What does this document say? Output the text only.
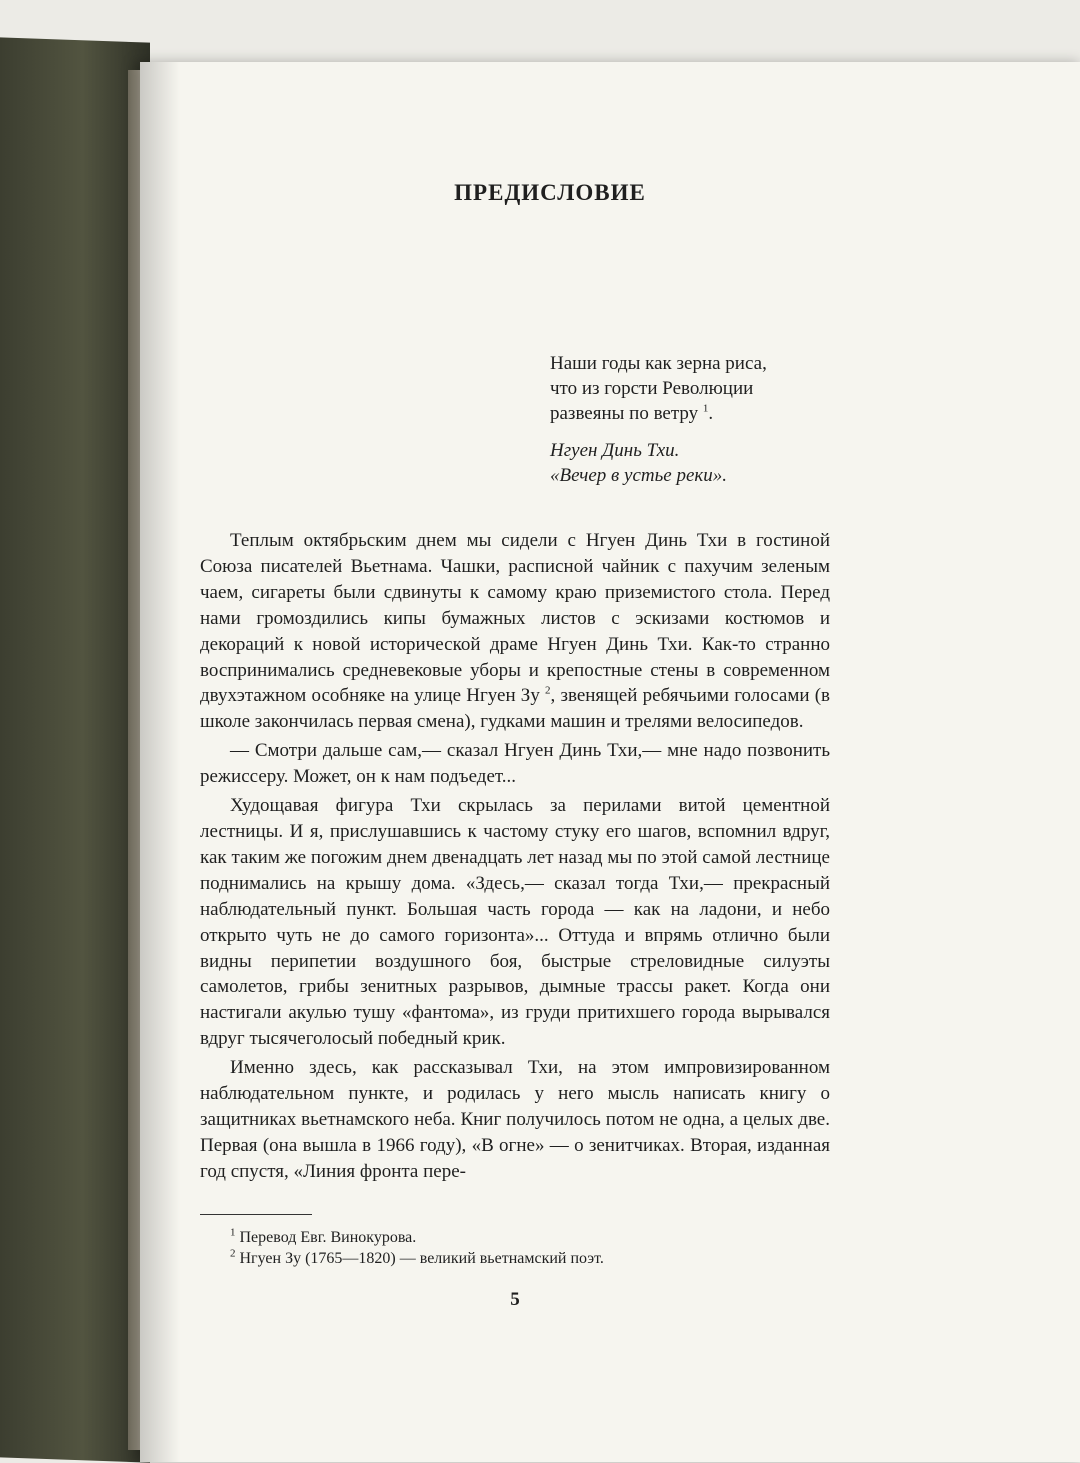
ПРЕДИСЛОВИЕ
Наши годы как зерна риса,
что из горсти Революции
развеяны по ветру $^1$.
Нгуен Динь Тхи.
«Вечер в устье реки».

Теплым октябрьским днем мы сидели с Нгуен Динь Тхи в гостиной Союза писателей Вьетнама. Чашки, расписной чайник с пахучим зеленым чаем, сигареты были сдвинуты к самому краю приземистого стола. Перед нами громоздились кипы бумажных листов с эскизами костюмов и декораций к новой исторической драме Нгуен Динь Тхи. Как-то странно воспринимались средневековые уборы и крепостные стены в современном двухэтажном особняке на улице Нгуен Зу $^2$, звенящей ребячьими голосами (в школе закончилась первая смена), гудками машин и трелями велосипедов.

— Смотри дальше сам,— сказал Нгуен Динь Тхи,— мне надо позвонить режиссеру. Может, он к нам подъедет...

Худощавая фигура Тхи скрылась за перилами витой цементной лестницы. И я, прислушавшись к частому стуку его шагов, вспомнил вдруг, как таким же погожим днем двенадцать лет назад мы по этой самой лестнице поднимались на крышу дома. «Здесь,— сказал тогда Тхи,— прекрасный наблюдательный пункт. Большая часть города — как на ладони, и небо открыто чуть не до самого горизонта»... Оттуда и впрямь отлично были видны перипетии воздушного боя, быстрые стреловидные силуэты самолетов, грибы зенитных разрывов, дымные трассы ракет. Когда они настигали акулью тушу «фантома», из груди притихшего города вырывался вдруг тысячеголосый победный крик.

Именно здесь, как рассказывал Тхи, на этом импровизированном наблюдательном пункте, и родилась у него мысль написать книгу о защитниках вьетнамского неба. Книг получилось потом не одна, а целых две. Первая (она вышла в 1966 году), «В огне» — о зенитчиках. Вторая, изданная год спустя, «Линия фронта пере-

$^1$ Перевод Евг. Винокурова.
$^2$ Нгуен Зу (1765—1820) — великий вьетнамский поэт.
5
